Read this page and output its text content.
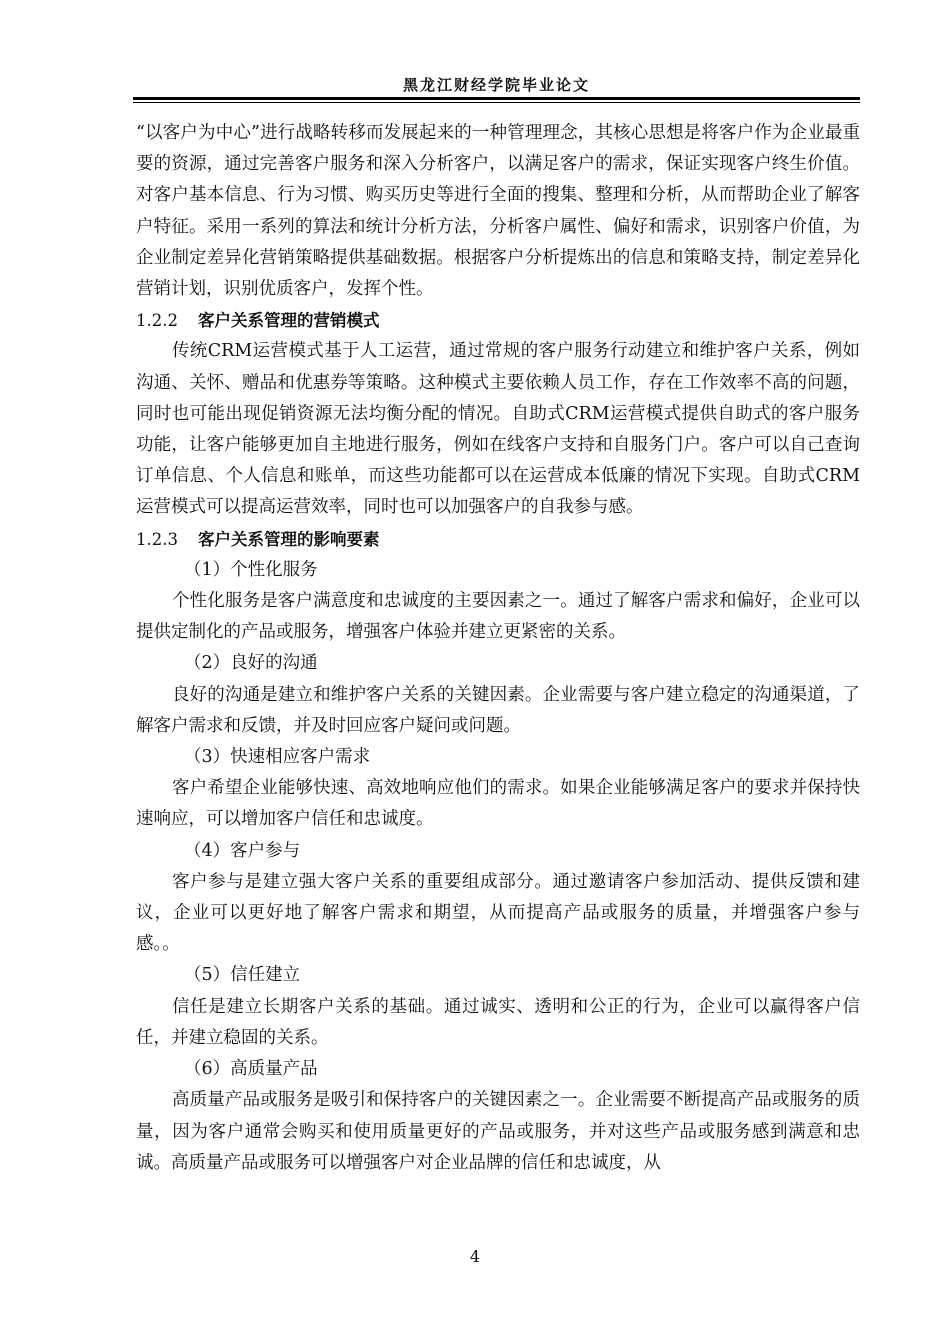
黑龙江财经学院毕业论文

“以客户为中心”进行战略转移而发展起来的一种管理理念，其核心思想是将客户作为企业最重要的资源，通过完善客户服务和深入分析客户，以满足客户的需求，保证实现客户终生价值。对客户基本信息、行为习惯、购买历史等进行全面的搜集、整理和分析，从而帮助企业了解客户特征。采用一系列的算法和统计分析方法，分析客户属性、偏好和需求，识别客户价值，为企业制定差异化营销策略提供基础数据。根据客户分析提炼出的信息和策略支持，制定差异化营销计划，识别优质客户，发挥个性。

1.2.2 客户关系管理的营销模式

传统CRM运营模式基于人工运营，通过常规的客户服务行动建立和维护客户关系，例如沟通、关怀、赠品和优惠券等策略。这种模式主要依赖人员工作，存在工作效率不高的问题，同时也可能出现促销资源无法均衡分配的情况。自助式CRM运营模式提供自助式的客户服务功能，让客户能够更加自主地进行服务，例如在线客户支持和自服务门户。客户可以自己查询订单信息、个人信息和账单，而这些功能都可以在运营成本低廉的情况下实现。自助式CRM运营模式可以提高运营效率，同时也可以加强客户的自我参与感。

1.2.3 客户关系管理的影响要素

（1）个性化服务

个性化服务是客户满意度和忠诚度的主要因素之一。通过了解客户需求和偏好，企业可以提供定制化的产品或服务，增强客户体验并建立更紧密的关系。

（2）良好的沟通

良好的沟通是建立和维护客户关系的关键因素。企业需要与客户建立稳定的沟通渠道，了解客户需求和反馈，并及时回应客户疑问或问题。

（3）快速相应客户需求

客户希望企业能够快速、高效地响应他们的需求。如果企业能够满足客户的要求并保持快速响应，可以增加客户信任和忠诚度。

（4）客户参与

客户参与是建立强大客户关系的重要组成部分。通过邀请客户参加活动、提供反馈和建议，企业可以更好地了解客户需求和期望，从而提高产品或服务的质量，并增强客户参与感。。

（5）信任建立

信任是建立长期客户关系的基础。通过诚实、透明和公正的行为，企业可以赢得客户信任，并建立稳固的关系。

（6）高质量产品

高质量产品或服务是吸引和保持客户的关键因素之一。企业需要不断提高产品或服务的质量，因为客户通常会购买和使用质量更好的产品或服务，并对这些产品或服务感到满意和忠诚。高质量产品或服务可以增强客户对企业品牌的信任和忠诚度，从

4
